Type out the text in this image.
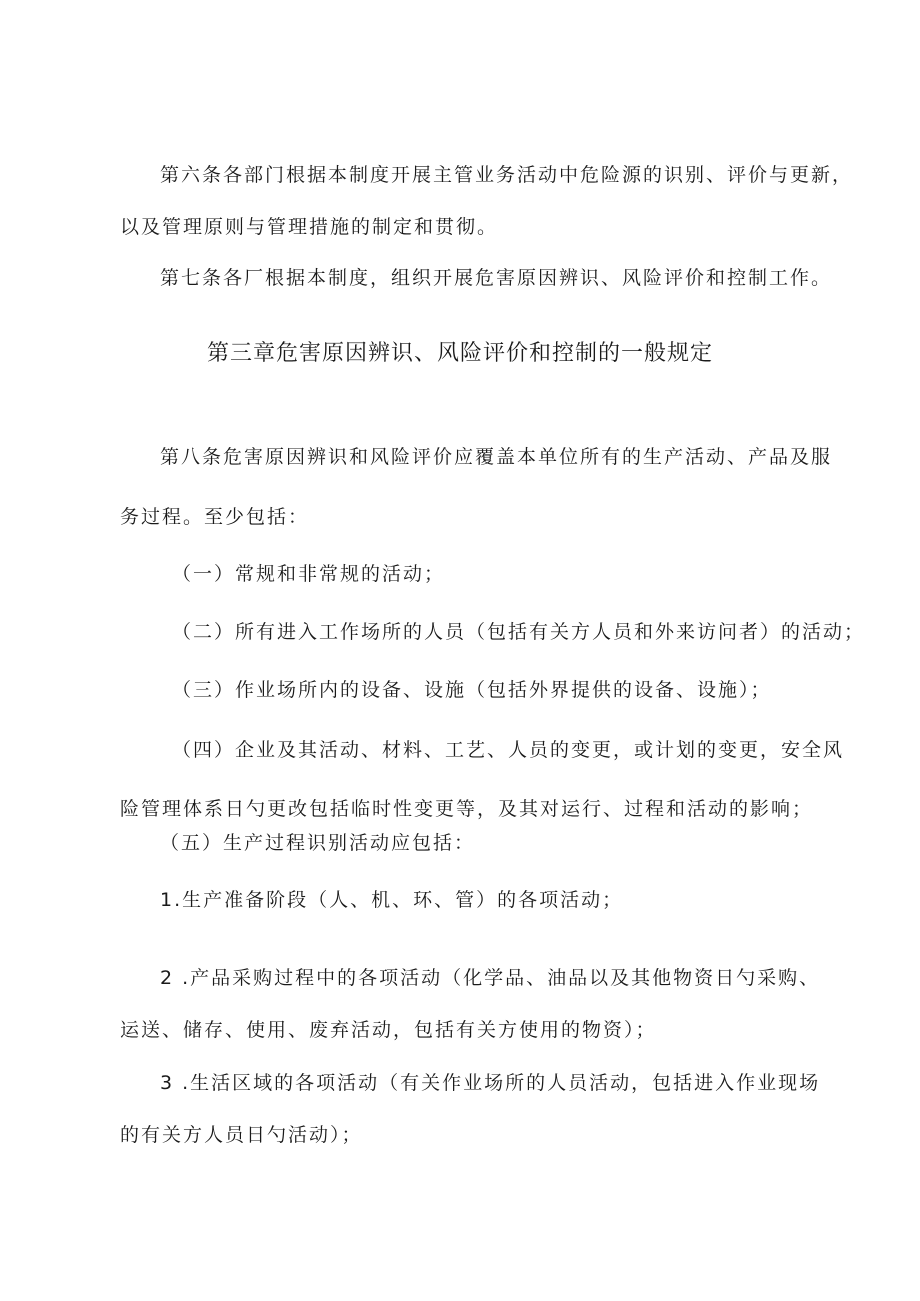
第六条各部门根据本制度开展主管业务活动中危险源的识别、评价与更新，
以及管理原则与管理措施的制定和贯彻。
第七条各厂根据本制度，组织开展危害原因辨识、风险评价和控制工作。
第三章危害原因辨识、风险评价和控制的一般规定
第八条危害原因辨识和风险评价应覆盖本单位所有的生产活动、产品及服
务过程。至少包括：
（一）常规和非常规的活动；
（二）所有进入工作场所的人员（包括有关方人员和外来访问者）的活动；
（三）作业场所内的设备、设施（包括外界提供的设备、设施）；
（四）企业及其活动、材料、工艺、人员的变更，或计划的变更，安全风
险管理体系日勺更改包括临时性变更等，及其对运行、过程和活动的影响；
（五）生产过程识别活动应包括：
1.生产准备阶段（人、机、环、管）的各项活动；
2 .产品采购过程中的各项活动（化学品、油品以及其他物资日勺采购、
运送、储存、使用、废弃活动，包括有关方使用的物资）；
3 .生活区域的各项活动（有关作业场所的人员活动，包括进入作业现场
的有关方人员日勺活动）；
